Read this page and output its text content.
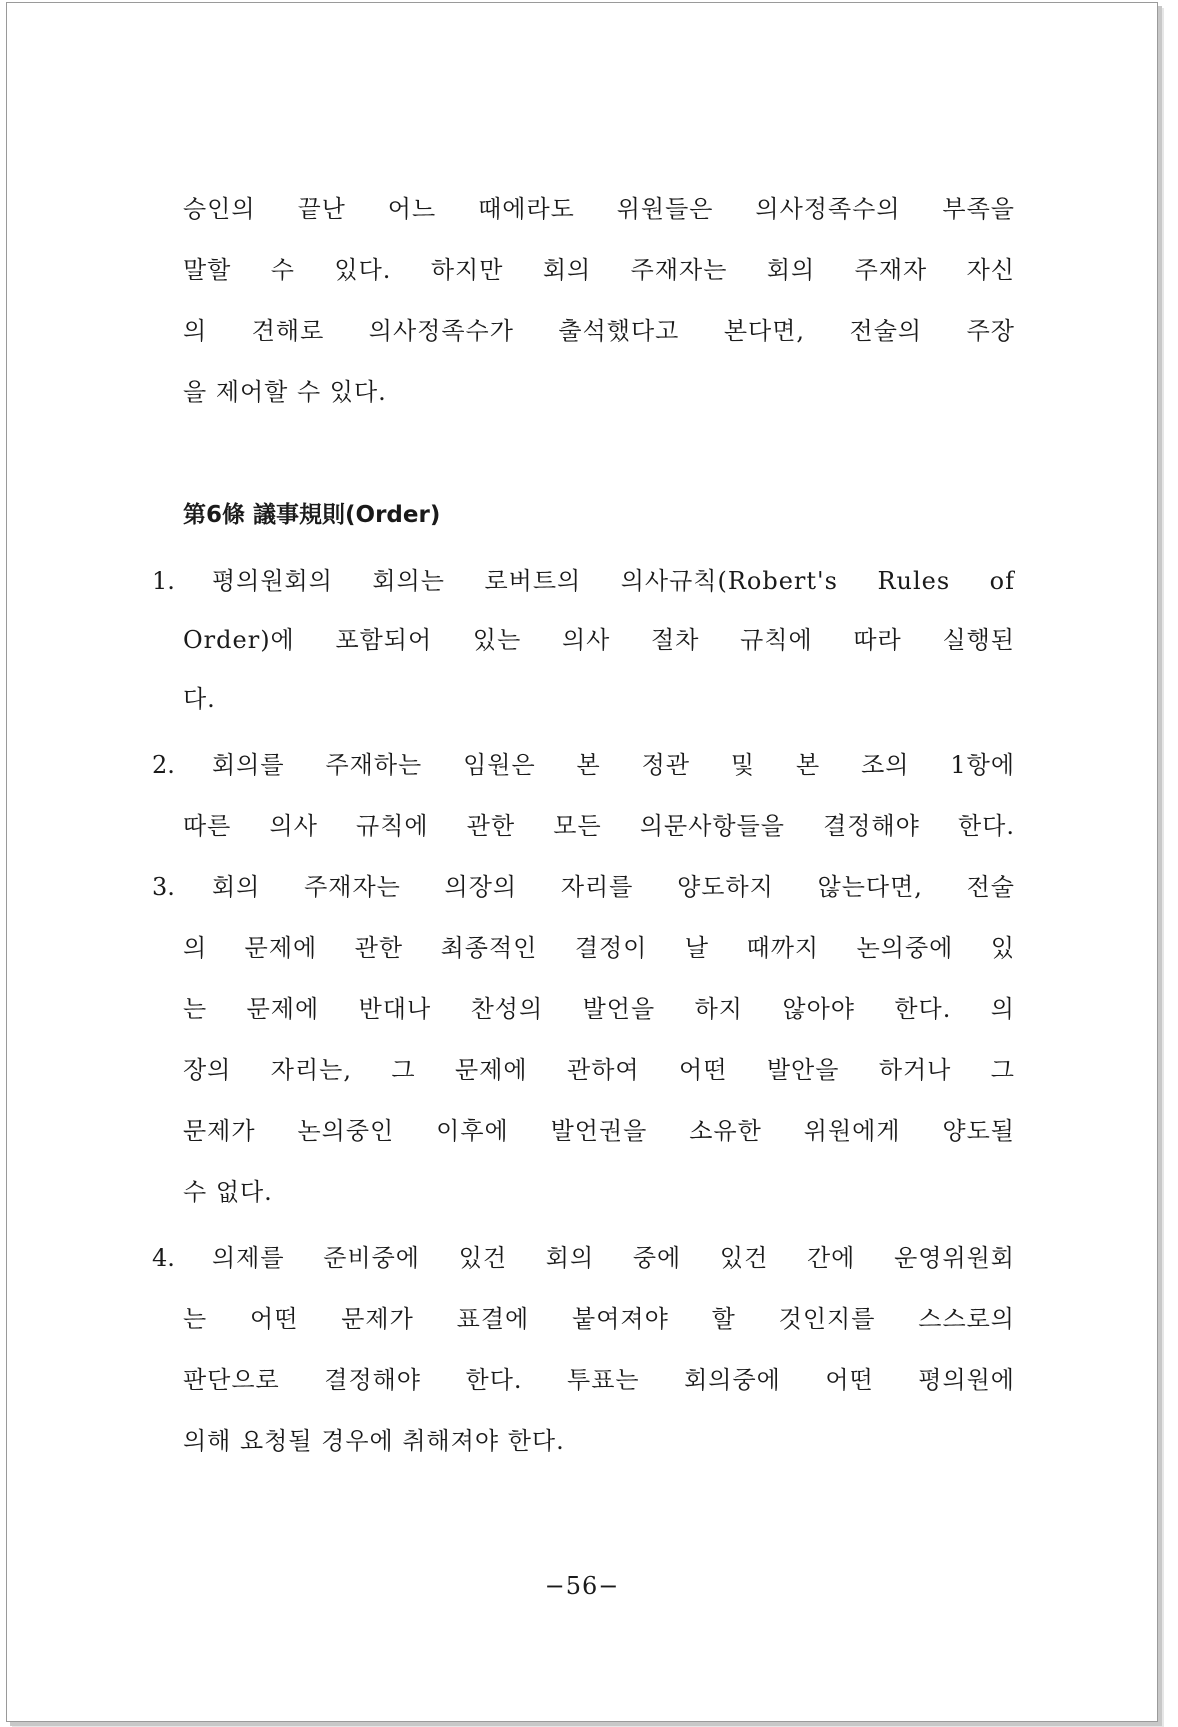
승인의 끝난 어느 때에라도 위원들은 의사정족수의 부족을
말할 수 있다. 하지만 회의 주재자는 회의 주재자 자신
의 견해로 의사정족수가 출석했다고 본다면, 전술의 주장
을 제어할 수 있다.
第6條 議事規則(Order)
1. 평의원회의 회의는 로버트의 의사규칙(Robert's Rules of
Order)에 포함되어 있는 의사 절차 규칙에 따라 실행된
다.
2. 회의를 주재하는 임원은 본 정관 및 본 조의 1항에
따른 의사 규칙에 관한 모든 의문사항들을 결정해야 한다.
3. 회의 주재자는 의장의 자리를 양도하지 않는다면, 전술
의 문제에 관한 최종적인 결정이 날 때까지 논의중에 있
는 문제에 반대나 찬성의 발언을 하지 않아야 한다. 의
장의 자리는, 그 문제에 관하여 어떤 발안을 하거나 그
문제가 논의중인 이후에 발언권을 소유한 위원에게 양도될
수 없다.
4. 의제를 준비중에 있건 회의 중에 있건 간에 운영위원회
는 어떤 문제가 표결에 붙여져야 할 것인지를 스스로의
판단으로 결정해야 한다. 투표는 회의중에 어떤 평의원에
의해 요청될 경우에 취해져야 한다.
−56−
